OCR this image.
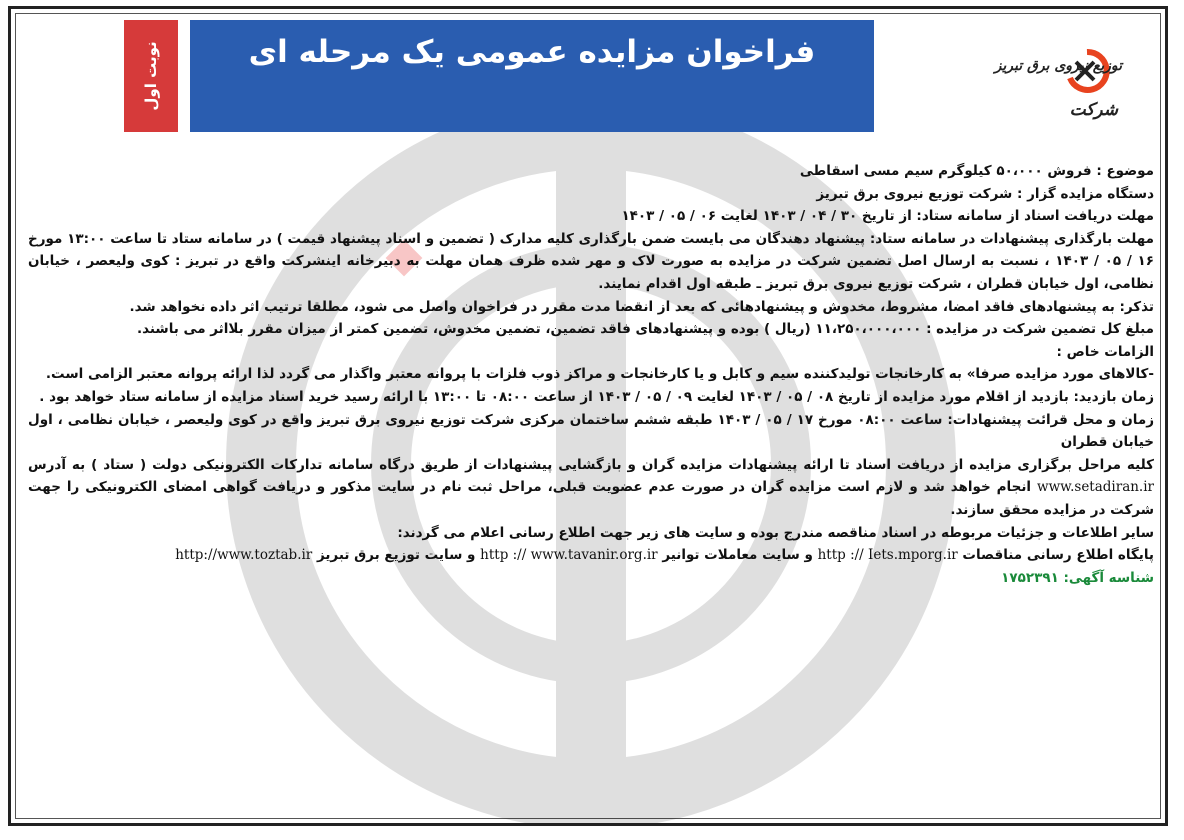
فراخوان مزایده عمومی یک مرحله ای
نوبت اول	توزیع نیروی برق تبریز
شرکت

موضوع : فروش ۵۰،۰۰۰ کیلوگرم سیم مسی اسقاطی

دستگاه مزایده گزار : شرکت توزیع نیروی برق تبریز

مهلت دریافت اسناد از سامانه ستاد: از تاریخ ۳۰ / ۰۴ / ۱۴۰۳ لغایت ۰۶ / ۰۵ / ۱۴۰۳

مهلت بارگذاری پیشنهادات در سامانه ستاد: پیشنهاد دهندگان می بایست ضمن بارگذاری کلیه مدارک ( تضمین و اسناد پیشنهاد قیمت ) در سامانه ستاد تا ساعت ۱۳:۰۰ مورخ ۱۶ / ۰۵ / ۱۴۰۳ ، نسبت به ارسال اصل تضمین شرکت در مزایده به صورت لاک و مهر شده ظرف همان مهلت به دبیرخانه اینشرکت واقع در تبریز : کوی ولیعصر ، خیابان نظامی، اول خیابان قطران ، شرکت توزیع نیروی برق تبریز ـ طبقه اول اقدام نمایند.

تذکر: به پیشنهادهای فاقد امضا، مشروط، مخدوش و پیشنهادهائی که بعد از انقضا مدت مقرر در فراخوان واصل می شود، مطلقا ترتیب اثر داده نخواهد شد.

مبلغ کل تضمین شرکت در مزایده : ۱۱،۲۵۰،۰۰۰،۰۰۰ (ریال ) بوده و پیشنهادهای فاقد تضمین، تضمین مخدوش، تضمین کمتر از میزان مقرر بلااثر می باشند.

الزامات خاص :

-کالاهای مورد مزایده صرفا» به کارخانجات تولیدکننده سیم و کابل و یا کارخانجات و مراکز ذوب فلزات با پروانه معتبر واگذار می گردد لذا ارائه پروانه معتبر الزامی است.

زمان بازدید: بازدید از اقلام مورد مزایده از تاریخ ۰۸ / ۰۵ / ۱۴۰۳ لغایت ۰۹ / ۰۵ / ۱۴۰۳ از ساعت ۰۸:۰۰ تا ۱۳:۰۰ با ارائه رسید خرید اسناد مزایده از سامانه ستاد خواهد بود .

زمان و محل قرائت پیشنهادات: ساعت ۰۸:۰۰ مورخ ۱۷ / ۰۵ / ۱۴۰۳ طبقه ششم ساختمان مرکزی شرکت توزیع نیروی برق تبریز واقع در کوی ولیعصر ، خیابان نظامی ، اول خیابان قطران

کلیه مراحل برگزاری مزایده از دریافت اسناد تا ارائه پیشنهادات مزایده گران و بازگشایی پیشنهادات از طریق درگاه سامانه تدارکات الکترونیکی دولت ( ستاد ) به آدرس www.setadiran.ir انجام خواهد شد و لازم است مزایده گران در صورت عدم عضویت قبلی، مراحل ثبت نام در سایت مذکور و دریافت گواهی امضای الکترونیکی را جهت شرکت در مزایده محقق سازند.

سایر اطلاعات و جزئیات مربوطه در اسناد مناقصه مندرج بوده و سایت های زیر جهت اطلاع رسانی اعلام می گردند:

پایگاه اطلاع رسانی مناقصات http :// Iets.mporg.ir و سایت معاملات توانیر http :// www.tavanir.org.ir و سایت توزیع برق تبریز http://www.toztab.ir

شناسه آگهی: ۱۷۵۲۳۹۱
